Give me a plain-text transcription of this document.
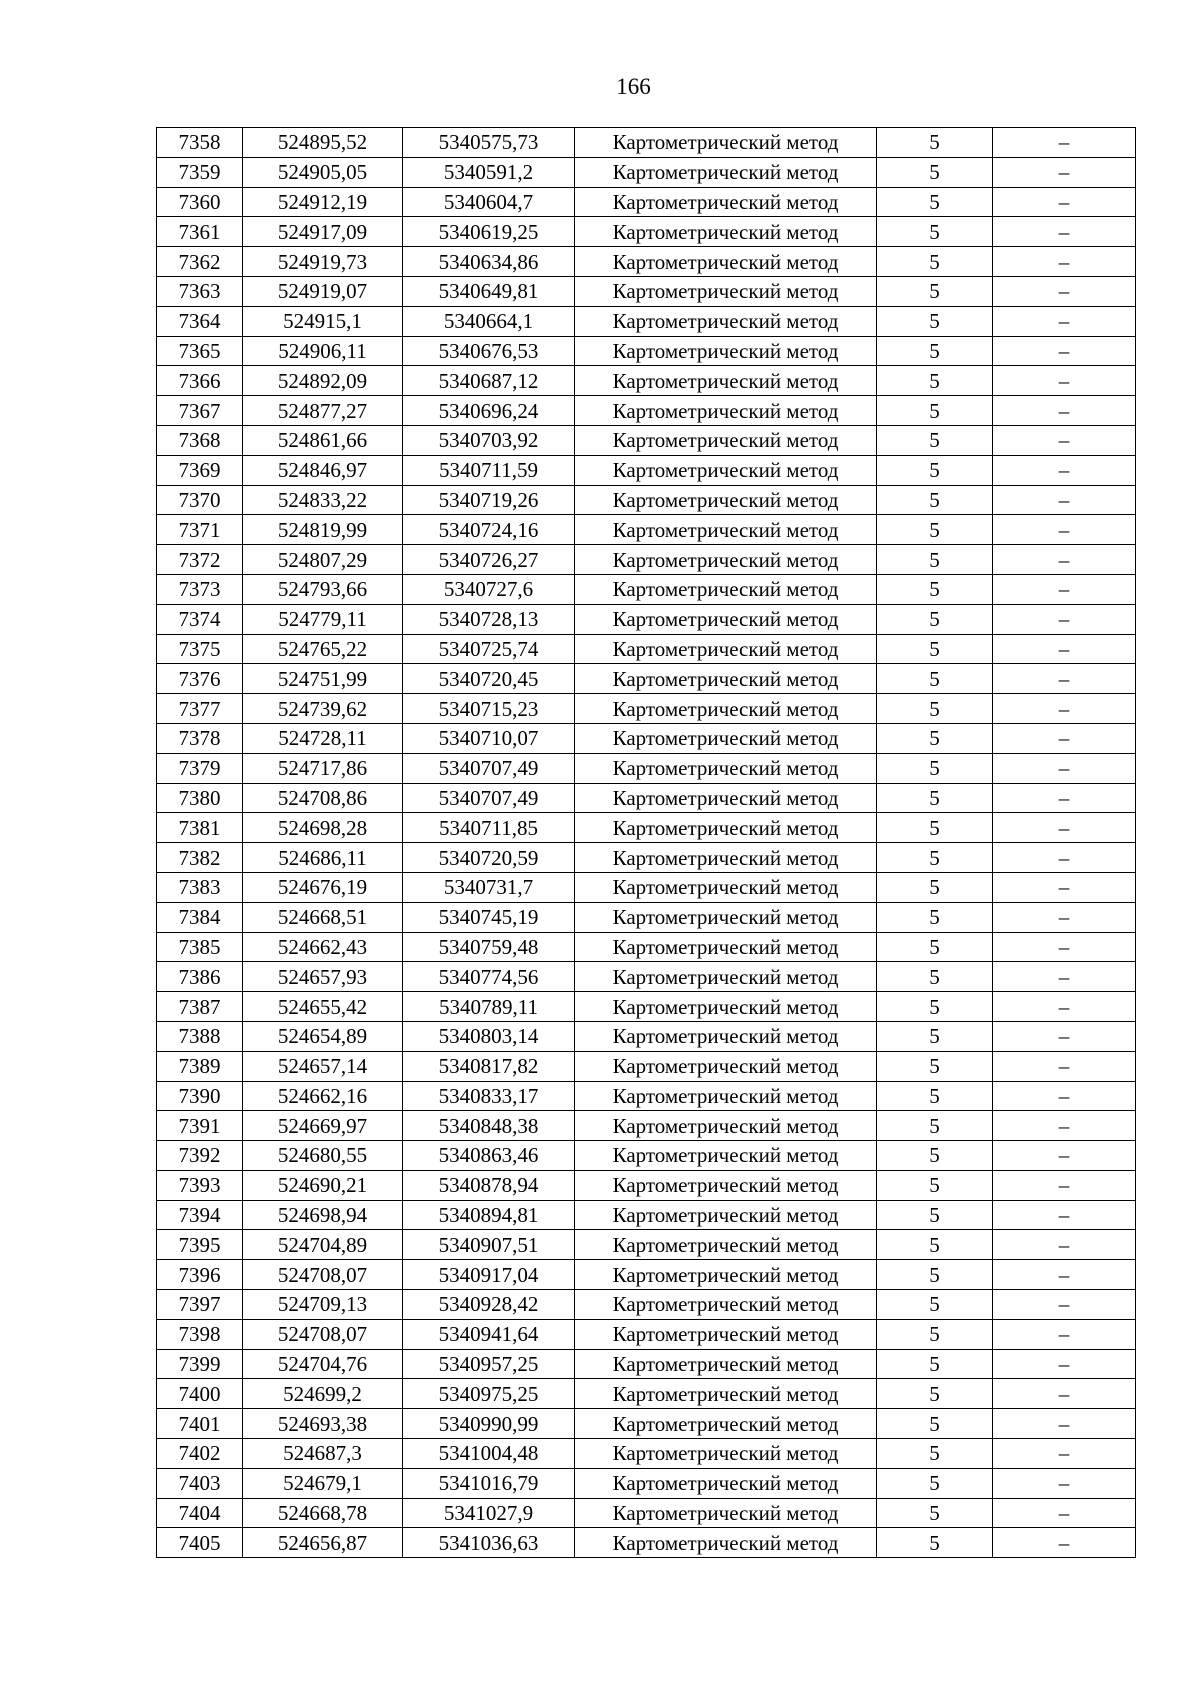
166
7358	524895,52	5340575,73	Картометрический метод	5	–
7359	524905,05	5340591,2	Картометрический метод	5	–
7360	524912,19	5340604,7	Картометрический метод	5	–
7361	524917,09	5340619,25	Картометрический метод	5	–
7362	524919,73	5340634,86	Картометрический метод	5	–
7363	524919,07	5340649,81	Картометрический метод	5	–
7364	524915,1	5340664,1	Картометрический метод	5	–
7365	524906,11	5340676,53	Картометрический метод	5	–
7366	524892,09	5340687,12	Картометрический метод	5	–
7367	524877,27	5340696,24	Картометрический метод	5	–
7368	524861,66	5340703,92	Картометрический метод	5	–
7369	524846,97	5340711,59	Картометрический метод	5	–
7370	524833,22	5340719,26	Картометрический метод	5	–
7371	524819,99	5340724,16	Картометрический метод	5	–
7372	524807,29	5340726,27	Картометрический метод	5	–
7373	524793,66	5340727,6	Картометрический метод	5	–
7374	524779,11	5340728,13	Картометрический метод	5	–
7375	524765,22	5340725,74	Картометрический метод	5	–
7376	524751,99	5340720,45	Картометрический метод	5	–
7377	524739,62	5340715,23	Картометрический метод	5	–
7378	524728,11	5340710,07	Картометрический метод	5	–
7379	524717,86	5340707,49	Картометрический метод	5	–
7380	524708,86	5340707,49	Картометрический метод	5	–
7381	524698,28	5340711,85	Картометрический метод	5	–
7382	524686,11	5340720,59	Картометрический метод	5	–
7383	524676,19	5340731,7	Картометрический метод	5	–
7384	524668,51	5340745,19	Картометрический метод	5	–
7385	524662,43	5340759,48	Картометрический метод	5	–
7386	524657,93	5340774,56	Картометрический метод	5	–
7387	524655,42	5340789,11	Картометрический метод	5	–
7388	524654,89	5340803,14	Картометрический метод	5	–
7389	524657,14	5340817,82	Картометрический метод	5	–
7390	524662,16	5340833,17	Картометрический метод	5	–
7391	524669,97	5340848,38	Картометрический метод	5	–
7392	524680,55	5340863,46	Картометрический метод	5	–
7393	524690,21	5340878,94	Картометрический метод	5	–
7394	524698,94	5340894,81	Картометрический метод	5	–
7395	524704,89	5340907,51	Картометрический метод	5	–
7396	524708,07	5340917,04	Картометрический метод	5	–
7397	524709,13	5340928,42	Картометрический метод	5	–
7398	524708,07	5340941,64	Картометрический метод	5	–
7399	524704,76	5340957,25	Картометрический метод	5	–
7400	524699,2	5340975,25	Картометрический метод	5	–
7401	524693,38	5340990,99	Картометрический метод	5	–
7402	524687,3	5341004,48	Картометрический метод	5	–
7403	524679,1	5341016,79	Картометрический метод	5	–
7404	524668,78	5341027,9	Картометрический метод	5	–
7405	524656,87	5341036,63	Картометрический метод	5	–
